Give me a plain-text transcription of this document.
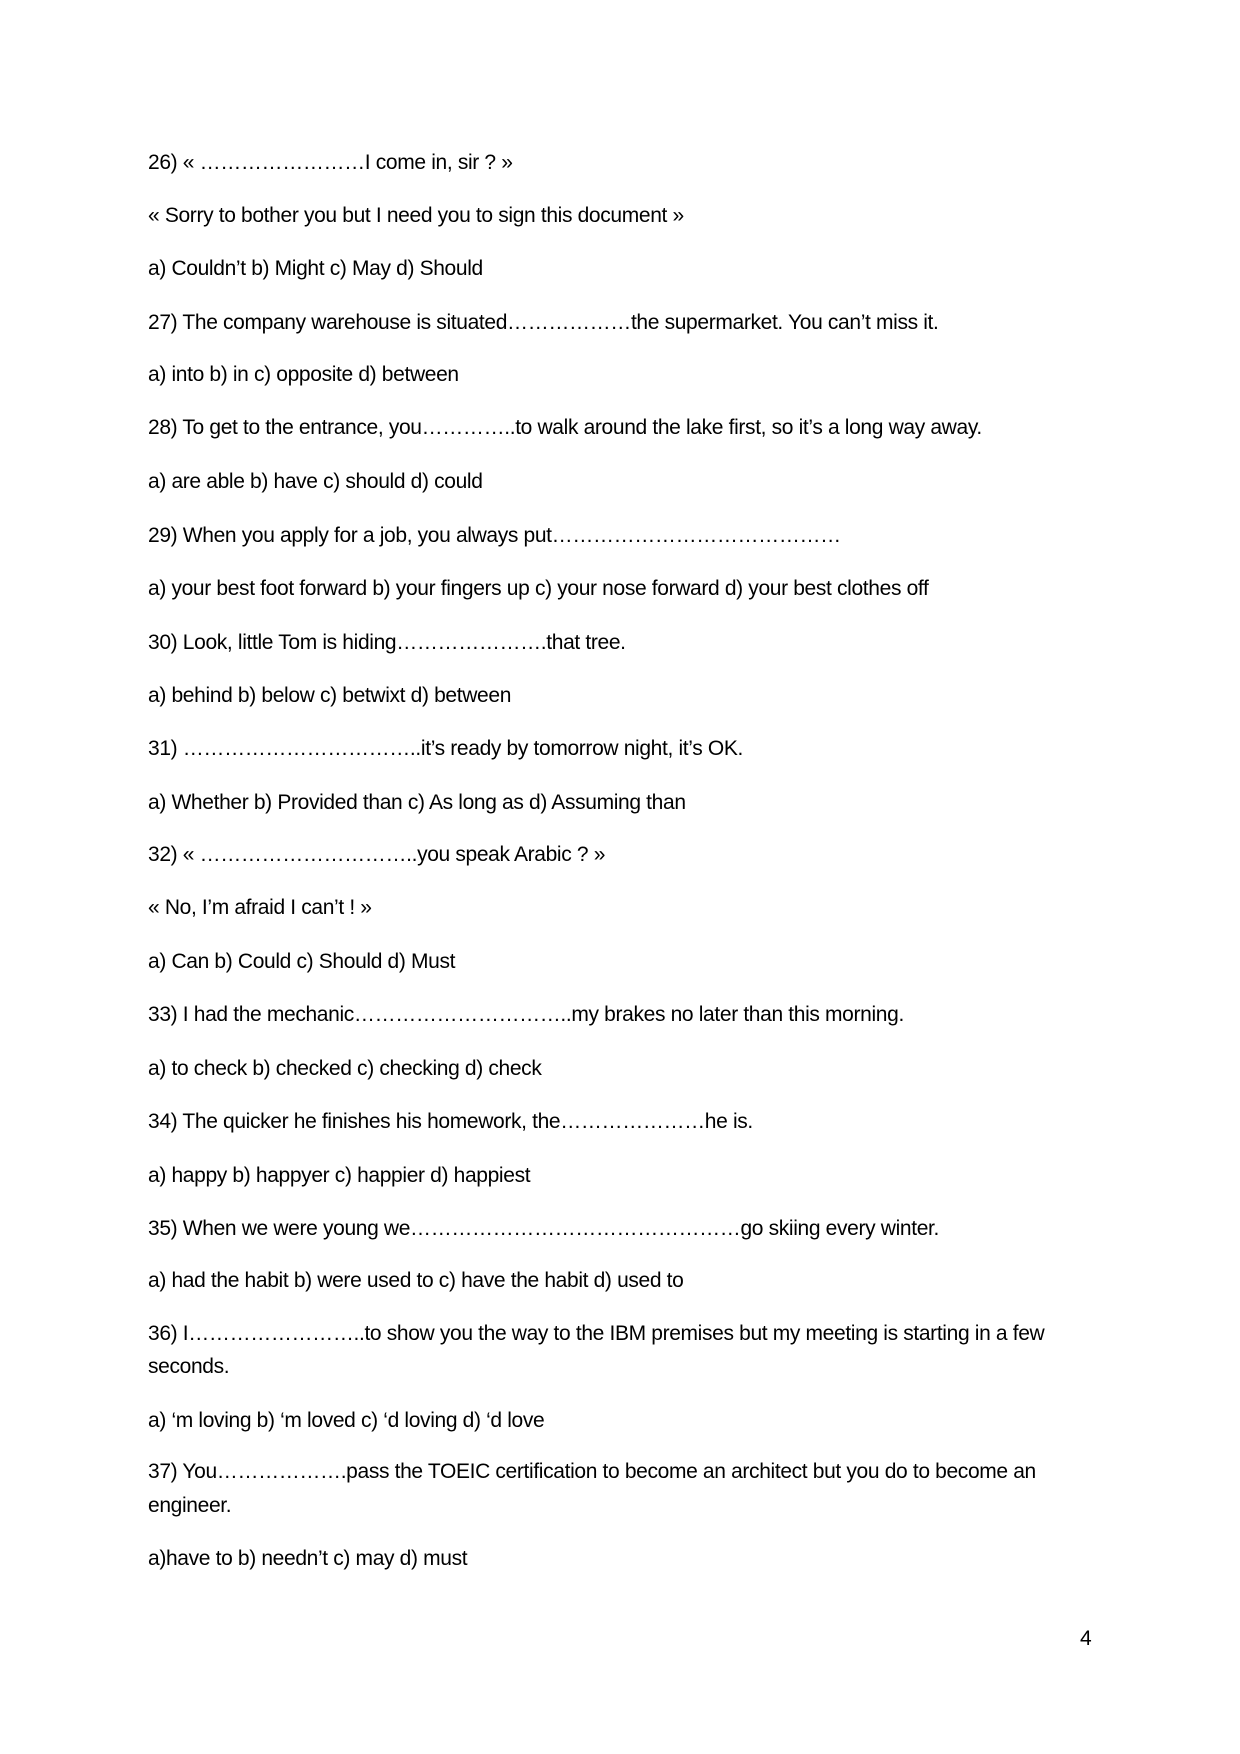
26) « ……………………I come in, sir ? »
« Sorry to bother you but I need you to sign this document »
a) Couldn’t b) Might c) May d) Should
27) The company warehouse is situated………………the supermarket. You can’t miss it.
a) into b) in c) opposite d) between
28) To get to the entrance, you…………..to walk around the lake first, so it’s a long way away.
a) are able b) have c) should d) could
29) When you apply for a job, you always put……………………………………
a) your best foot forward b) your fingers up c) your nose forward d) your best clothes off
30) Look, little Tom is hiding………………….that tree.
a) behind b) below c) betwixt d) between
31) ……………………………..it’s ready by tomorrow night, it’s OK.
a) Whether b) Provided than c) As long as d) Assuming than
32) « …………………………..you speak Arabic ? »
« No, I’m afraid I can’t ! »
a) Can b) Could c) Should d) Must
33) I had the mechanic…………………………..my brakes no later than this morning.
a) to check b) checked c) checking d) check
34) The quicker he finishes his homework, the…………………he is.
a) happy b) happyer c) happier d) happiest
35) When we were young we…………………………………………go skiing every winter.
a) had the habit b) were used to c) have the habit d) used to
36) I……………………..to show you the way to the IBM premises but my meeting is starting in a few
seconds.
a) ‘m loving b) ‘m loved c) ‘d loving d) ‘d love
37) You……………….pass the TOEIC certification to become an architect but you do to become an
engineer.
a)have to b) needn’t c) may d) must
4
